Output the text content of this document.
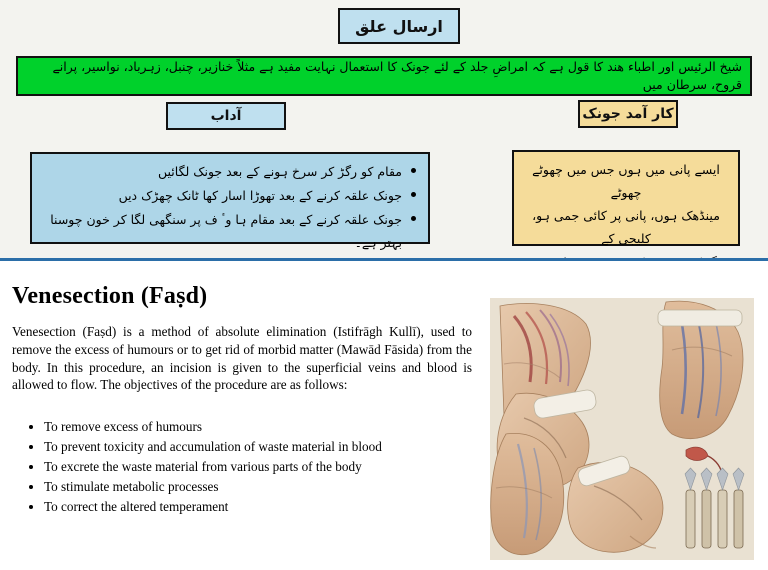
ارسال علق
شیخ الرئیس اور اطباء هند کا قول ہے کہ امراضِ جلد کے لئے جونک کا استعمال نہایت مفید ہے مثلاً خنازیر، چنبل، زہرباد، نواسیر، پرانے قروح، سرطان میں
آداب	کار آمد جونک
مقام کو رگڑ کر سرخ ہونے کے بعد جونک لگائیں
جونک علقہ کرنے کے بعد تھوڑا اسار کھا ٹانک چھڑک دیں
جونک علقہ کرنے کے بعد مقام ہا وٴ ف پر سنگھی لگا کر خون چوسنا بہتر ہے۔

ایسے پانی میں ہوں جس میں چھوٹے چھوٹے

مینڈھک ہوں، پانی پر کائی جمی ہو، کلیجی کے

Venesection (Faṣd)
Venesection (Faṣd) is a method of absolute elimination (Istifrāgh Kullī), used to remove the excess of humours or to get rid of morbid matter (Mawād Fāsida) from the body. In this procedure, an incision is given to the superficial veins and blood is allowed to flow. The objectives of the procedure are as follows:
• To remove excess of humours
• To prevent toxicity and accumulation of waste material in blood
• To excrete the waste material from various parts of the body
• To stimulate metabolic processes
• To correct the altered temperament
